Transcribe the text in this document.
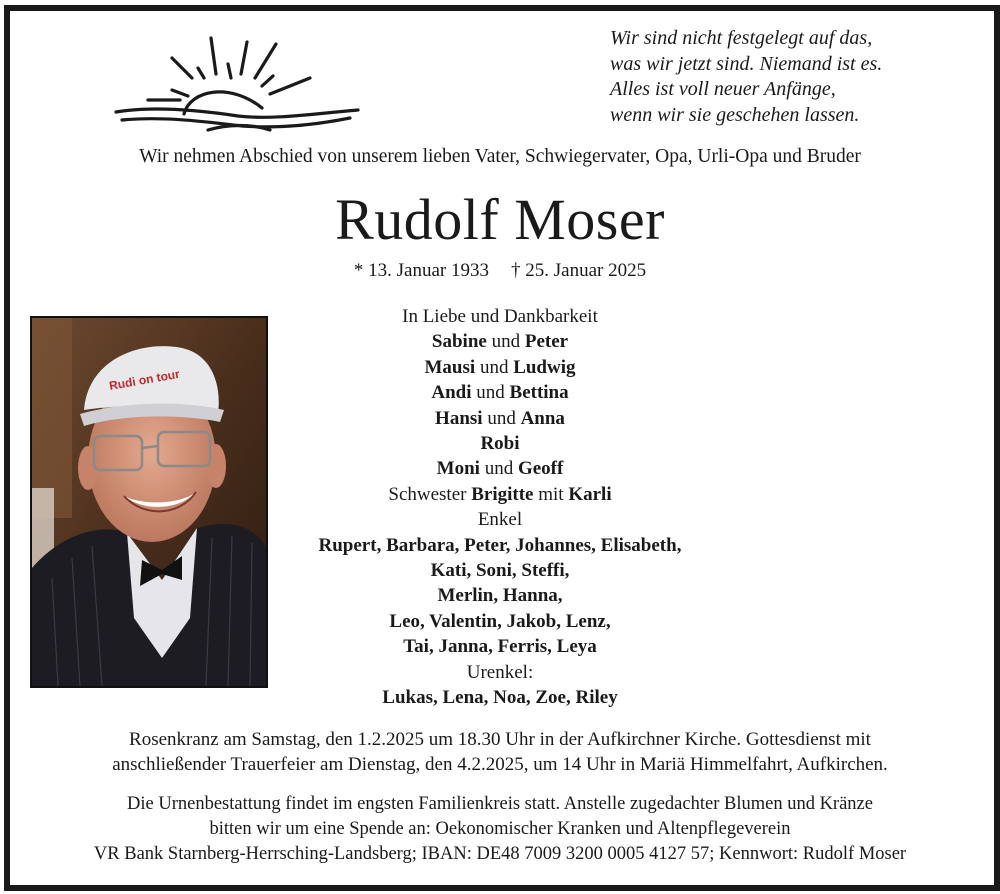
Wir sind nicht festgelegt auf das,
was wir jetzt sind. Niemand ist es.
Alles ist voll neuer Anfänge,
wenn wir sie geschehen lassen.
Wir nehmen Abschied von unserem lieben Vater, Schwiegervater, Opa, Urli-Opa und Bruder
Rudolf Moser
* 13. Januar 1933 † 25. Januar 2025
Rudi on tour
In Liebe und Dankbarkeit
Sabine und Peter
Mausi und Ludwig
Andi und Bettina
Hansi und Anna
Robi
Moni und Geoff
Schwester Brigitte mit Karli
Enkel
Rupert, Barbara, Peter, Johannes, Elisabeth,
Kati, Soni, Steffi,
Merlin, Hanna,
Leo, Valentin, Jakob, Lenz,
Tai, Janna, Ferris, Leya
Urenkel:
Lukas, Lena, Noa, Zoe, Riley
Rosenkranz am Samstag, den 1.2.2025 um 18.30 Uhr in der Aufkirchner Kirche. Gottesdienst mit
anschließender Trauerfeier am Dienstag, den 4.2.2025, um 14 Uhr in Mariä Himmelfahrt, Aufkirchen.
Die Urnenbestattung findet im engsten Familienkreis statt. Anstelle zugedachter Blumen und Kränze
bitten wir um eine Spende an: Oekonomischer Kranken und Altenpflegeverein
VR Bank Starnberg-Herrsching-Landsberg; IBAN: DE48 7009 3200 0005 4127 57; Kennwort: Rudolf Moser
